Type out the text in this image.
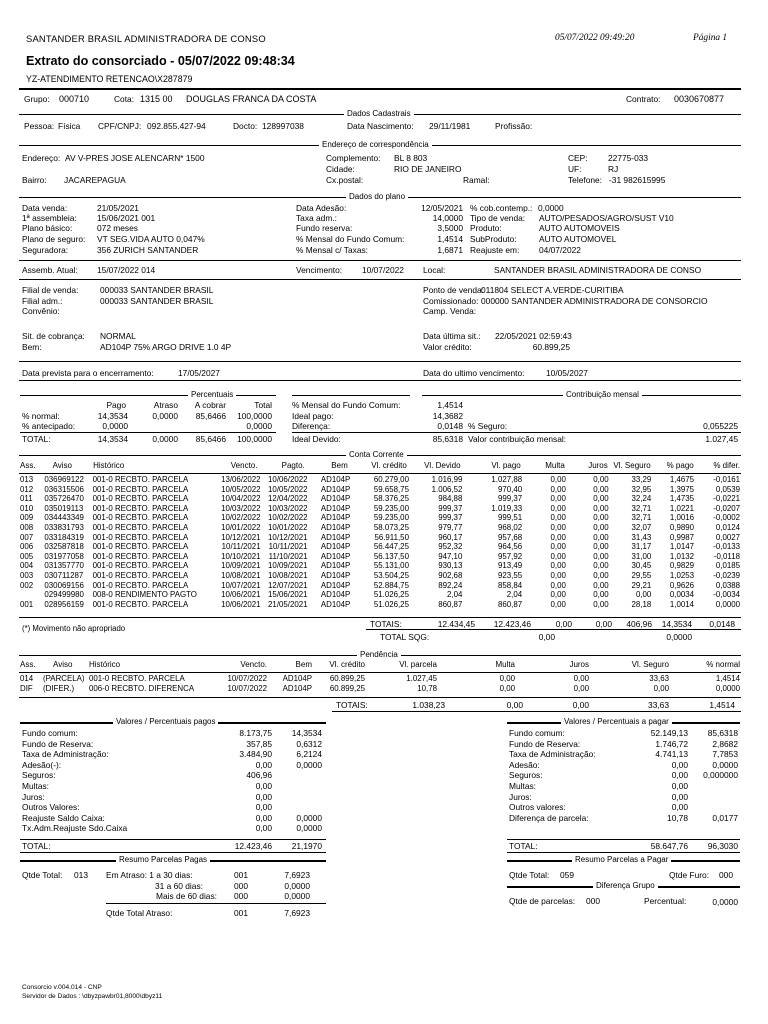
SANTANDER BRASIL ADMINISTRADORA DE CONSO	05/07/2022 09:49:20	Página 1
Extrato do consorciado - 05/07/2022 09:48:34
YZ-ATENDIMENTO RETENCAO\X287879
Grupo: 000710	Cota: 1315 00 DOUGLAS FRANCA DA COSTA	Contrato: 0030670877
Dados Cadastrais
Pessoa: Física CPF/CNPJ: 092.855.427-94	Docto: 128997038	Data Nascimento: 29/11/1981	Profissão:
Endereço de correspondência
Endereço: AV V-PRES JOSE ALENCARN* 1500	Complemento: BL 8 803	CEP: 22775-033
Cidade:	RIO DE JANEIRO	UF:	RJ
Bairro: JACAREPAGUA	Cx.postal:	Ramal:	Telefone: -31 982615995
Dados do plano
Data venda:	21/05/2021
1ª assembleia: 15/06/2021 001
Plano básico:	072 meses
Plano de seguro: VT SEG.VIDA AUTO 0,047%
Seguradora:	356 ZURICH SANTANDER
Data Adesão:	12/05/2021
Taxa adm.:	14,0000
Fundo reserva:	3,5000
% Mensal do Fundo Comum:	1,4514
% Mensal c/ Taxas:	1,6871
% cob.contemp.: 0,0000
Tipo de venda: AUTO/PESADOS/AGRO/SUST V10
Produto:	AUTO AUTOMOVEIS
SubProduto:	AUTO AUTOMOVEL
Reajuste em: 04/07/2022
Assemb. Atual: 15/07/2022 014	Vencimento: 10/07/2022 Local:	SANTANDER BRASIL ADMINISTRADORA DE CONSO
Filial de venda:	000033 SANTANDER BRASIL
Filial adm.:	000033 SANTANDER BRASIL
Convênio:
Ponto de venda:
011804 SELECT A.VERDE-CURITIBA
Comissionado: 000000 SANTANDER ADMINISTRADORA DE CONSORCIO
Camp. Venda:
Sit. de cobrança: NORMAL
Bem:	AD104P 75% ARGO DRIVE 1.0 4P
Data última sit.: 22/05/2021 02:59:43
Valor crédito:	60.899,25
Data prevista para o encerramento:	17/05/2027	Data do ultimo vencimento:	10/05/2027
Percentuais	Contribuição mensal
Pago	Atraso	A cobrar	Total
% normal:	14,3534	0,0000	85,6466	100,0000
% antecipado:	0,0000	0,0000
TOTAL:	14,3534	0,0000	85,6466	100,0000
% Mensal do Fundo Comum:	1,4514
Ideal pago:	14,3682
Diferença:	0,0148
Ideal Devido:	85,6318
% Seguro:	0,055225
Valor contribuição mensal:	1.027,45
Conta Corrente
Ass.	Aviso	Histórico	Vencto.	Pagto.	Bem	Vl. crédito	Vl. Devido	Vl. pago	Multa	Juros	Vl. Seguro	% pago	% difer.
013	036969122	001-0 RECBTO. PARCELA	13/06/2022	10/06/2022	AD104P	60.279,00	1.016,99	1.027,88	0,00	0,00	33,29	1,4675	-0,0161
012	036315506	001-0 RECBTO. PARCELA	10/05/2022	10/05/2022	AD104P	59.658,75	1.006,52	970,40	0,00	0,00	32,95	1,3975	0,0539
011	035726470	001-0 RECBTO. PARCELA	10/04/2022	12/04/2022	AD104P	58.376,25	984,88	999,37	0,00	0,00	32,24	1,4735	-0,0221
010	035019113	001-0 RECBTO. PARCELA	10/03/2022	10/03/2022	AD104P	59.235,00	999,37	1.019,33	0,00	0,00	32,71	1,0221	-0,0207
009	034443349	001-0 RECBTO. PARCELA	10/02/2022	10/02/2022	AD104P	59.235,00	999,37	999,51	0,00	0,00	32,71	1,0016	-0,0002
008	033831793	001-0 RECBTO. PARCELA	10/01/2022	10/01/2022	AD104P	58.073,25	979,77	968,02	0,00	0,00	32,07	0,9890	0,0124
007	033184319	001-0 RECBTO. PARCELA	10/12/2021	10/12/2021	AD104P	56.911,50	960,17	957,68	0,00	0,00	31,43	0,9987	0,0027
006	032587818	001-0 RECBTO. PARCELA	10/11/2021	10/11/2021	AD104P	56.447,25	952,32	964,56	0,00	0,00	31,17	1,0147	-0,0133
005	031977058	001-0 RECBTO. PARCELA	10/10/2021	11/10/2021	AD104P	56.137,50	947,10	957,92	0,00	0,00	31,00	1,0132	-0,0118
004	031357770	001-0 RECBTO. PARCELA	10/09/2021	10/09/2021	AD104P	55.131,00	930,13	913,49	0,00	0,00	30,45	0,9829	0,0185
003	030711287	001-0 RECBTO. PARCELA	10/08/2021	10/08/2021	AD104P	53.504,25	902,68	923,55	0,00	0,00	29,55	1,0253	-0,0239
002	030069156	001-0 RECBTO. PARCELA	10/07/2021	12/07/2021	AD104P	52.884,75	892,24	858,84	0,00	0,00	29,21	0,9626	0,0388
	029499980	008-0 RENDIMENTO PAGTO	10/06/2021	15/06/2021	AD104P	51.026,25	2,04	2,04	0,00	0,00	0,00	0,0034	-0,0034
001	028956159	001-0 RECBTO. PARCELA	10/06/2021	21/05/2021	AD104P	51.026,25	860,87	860,87	0,00	0,00	28,18	1,0014	0,0000
TOTAIS:	12.434,45	12.423,46	0,00	0,00	406,96	14,3534	0,0148
(*) Movimento não apropriado
TOTAL SQG:	0,00	0,0000
Pendência
Ass.	Aviso	Histórico	Vencto.	Bem	Vl. crédito	Vl. parcela	Multa	Juros	Vl. Seguro	% normal
014	(PARCELA)	001-0 RECBTO. PARCELA	10/07/2022	AD104P	60.899,25	1.027,45	0,00	0,00	33,63	1,4514
DIF	(DIFER.)	006-0 RECBTO. DIFERENCA	10/07/2022	AD104P	60.899,25	10,78	0,00	0,00	0,00	0,0000
TOTAIS:	1.038,23	0,00	0,00	33,63	1,4514
Valores / Percentuais pagos
Fundo comum:	8.173,75	14,3534
Fundo de Reserva:	357,85	0,6312
Taxa de Administração:	3.484,90	6,2124
Adesão(-):	0,00	0,0000
Seguros:	406,96
Multas:	0,00
Juros:	0,00
Outros Valores:	0,00
Reajuste Saldo Caixa:	0,00	0,0000
Tx.Adm.Reajuste Sdo.Caixa	0,00	0,0000
TOTAL:	12.423,46	21,1970
Valores / Percentuais a pagar
Fundo comum:	52.149,13	85,6318
Fundo de Reserva:	1.746,72	2,8682
Taxa de Administração:	4.741,13	7,7853
Adesão:	0,00	0,0000
Seguros:	0,00	0,000000
Multas:	0,00
Juros:	0,00
Outros valores:	0,00
Diferença de parcela:	10,78	0,0177
TOTAL:	58.647,76	96,3030
Resumo Parcelas Pagas
Qtde Total: 013 Em Atraso: 1 a 30 dias:	001	7,6923
31 a 60 dias:	000	0,0000
Mais de 60 dias: 000	0,0000
Qtde Total Atraso:	001	7,6923
Resumo Parcelas a Pagar
Qtde Total: 059	Qtde Furo: 000
Diferença Grupo
Qtde de parcelas: 000	Percentual:	0,0000
Consorcio v.004.014 - CNP
Servidor de Dados : \dbyzpawbr01,8000\dbyz11
